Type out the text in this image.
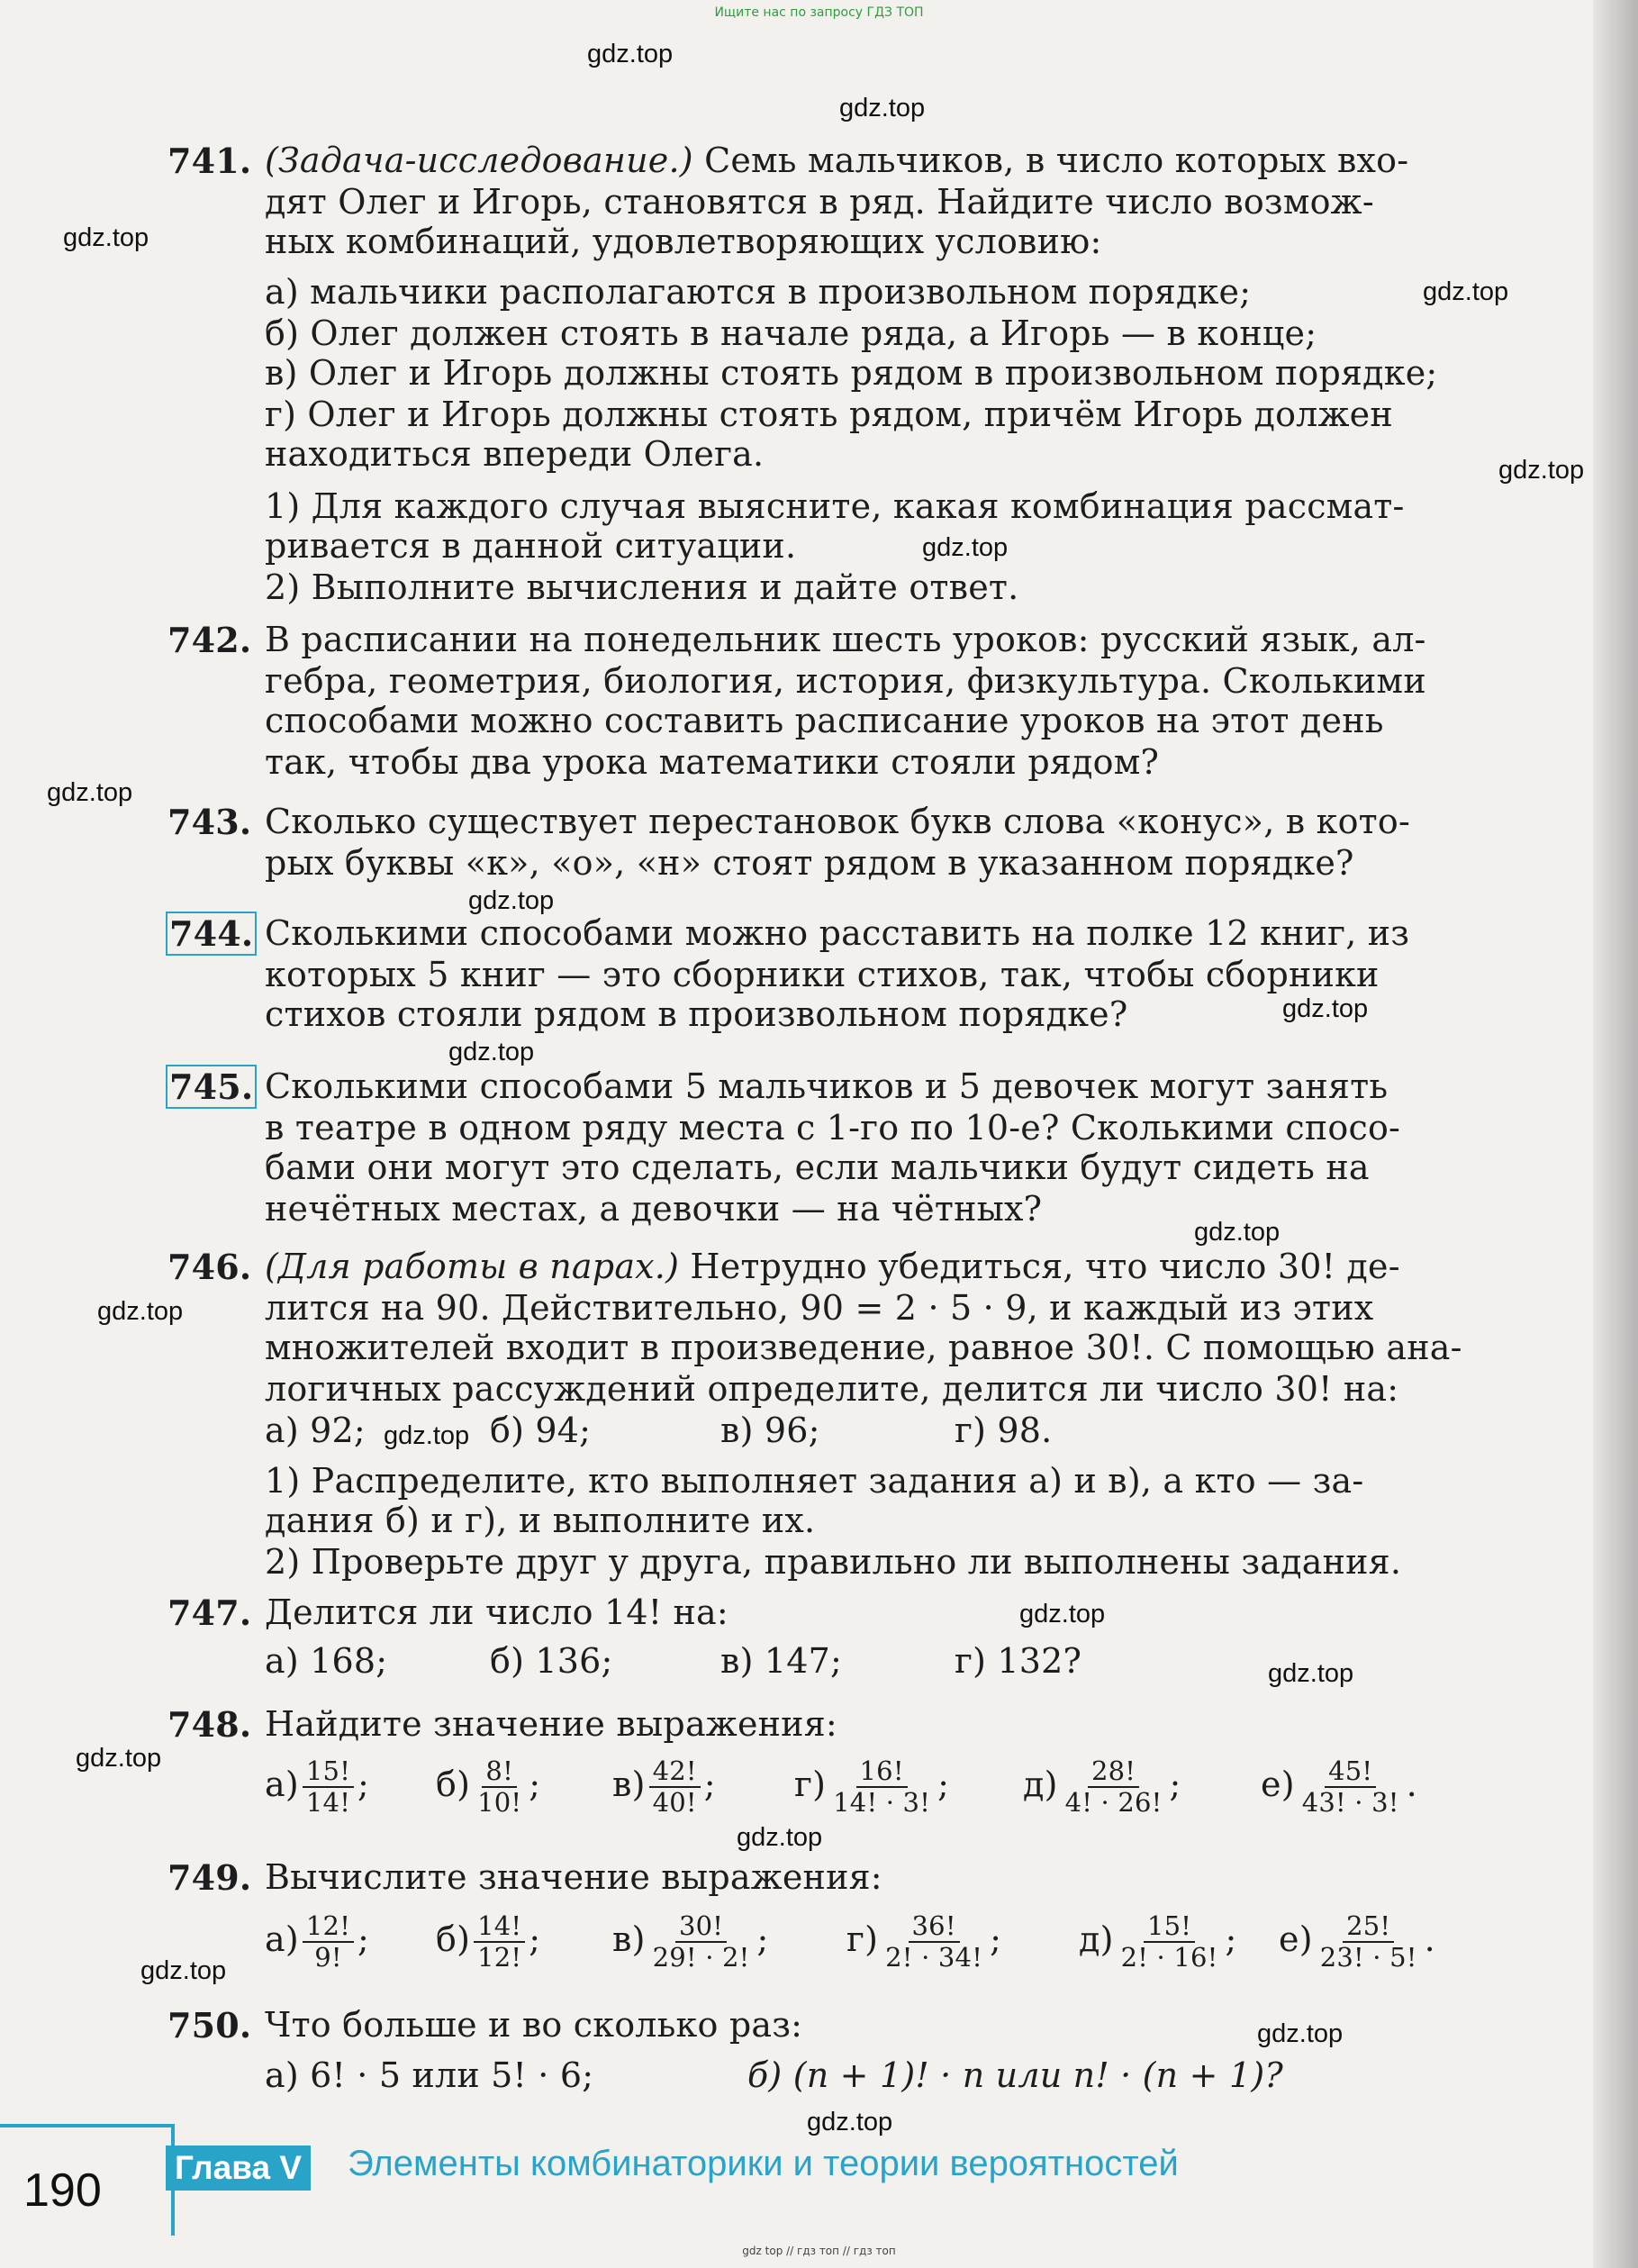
Ищите нас по запросу ГДЗ ТОП
gdz.top
gdz.top
gdz.top
gdz.top
gdz.top
gdz.top
gdz.top
gdz.top
gdz.top
gdz.top
gdz.top
gdz.top
gdz.top
gdz.top
gdz.top
gdz.top
gdz.top
gdz.top
gdz.top
gdz.top
741. (Задача-исследование.) Семь мальчиков, в число которых вхо-
дят Олег и Игорь, становятся в ряд. Найдите число возмож-
ных комбинаций, удовлетворяющих условию:
а) мальчики располагаются в произвольном порядке;
б) Олег должен стоять в начале ряда, а Игорь — в конце;
в) Олег и Игорь должны стоять рядом в произвольном порядке;
г) Олег и Игорь должны стоять рядом, причём Игорь должен
находиться впереди Олега.
1) Для каждого случая выясните, какая комбинация рассмат-
ривается в данной ситуации.
2) Выполните вычисления и дайте ответ.
742. В расписании на понедельник шесть уроков: русский язык, ал-
гебра, геометрия, биология, история, физкультура. Сколькими
способами можно составить расписание уроков на этот день
так, чтобы два урока математики стояли рядом?
743. Сколько существует перестановок букв слова «конус», в кото-
рых буквы «к», «о», «н» стоят рядом в указанном порядке?
744. Сколькими способами можно расставить на полке 12 книг, из
которых 5 книг — это сборники стихов, так, чтобы сборники
стихов стояли рядом в произвольном порядке?
745. Сколькими способами 5 мальчиков и 5 девочек могут занять
в театре в одном ряду места с 1-го по 10-е? Сколькими спосо-
бами они могут это сделать, если мальчики будут сидеть на
нечётных местах, а девочки — на чётных?
746. (Для работы в парах.) Нетрудно убедиться, что число 30! де-
лится на 90. Действительно, 90 = 2 · 5 · 9, и каждый из этих
множителей входит в произведение, равное 30!. С помощью ана-
логичных рассуждений определите, делится ли число 30! на:
а) 92;	б) 94;	в) 96;	г) 98.
1) Распределите, кто выполняет задания а) и в), а кто — за-
дания б) и г), и выполните их.
2) Проверьте друг у друга, правильно ли выполнены задания.
747. Делится ли число 14! на:
а) 168;	б) 136;	в) 147;	г) 132?
748. Найдите значение выражения:
$а) \frac{15!}{14!}$ ; $б) \frac{8!}{10!}$ ; $в) \frac{42!}{40!}$ ; $г) \frac{16!}{14! \cdot 3!}$ ; $д) \frac{28!}{4! \cdot 26!}$ ; $е) \frac{45!}{43! \cdot 3!}$ .
749. Вычислите значение выражения:
$а) \frac{12!}{9!}$ ; $б) \frac{14!}{12!}$ ; $в) \frac{30!}{29! \cdot 2!}$ ; $г) \frac{36!}{2! \cdot 34!}$ ; $д) \frac{15!}{2! \cdot 16!}$ ; $е) \frac{25!}{23! \cdot 5!}$ .
750. Что больше и во сколько раз:
а) 6! · 5 или 5! · 6;	б) (n + 1)! · n или n! · (n + 1)?
190 Глава V Элементы комбинаторики и теории вероятностей
gdz top // гдз топ // гдз топ
